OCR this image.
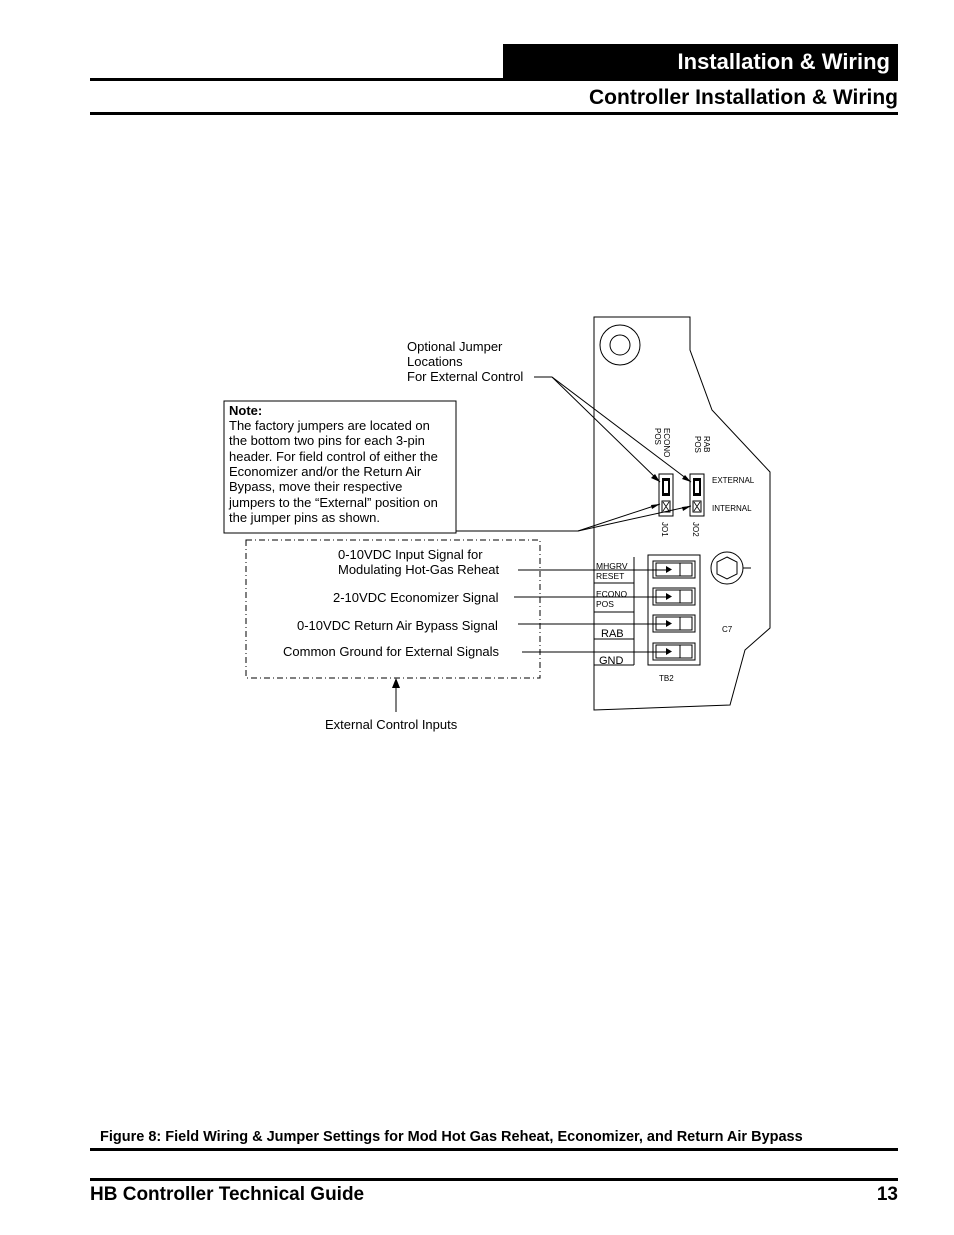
Installation & Wiring
Controller Installation & Wiring
C7
ECONO
POS	RAB
POS
EXTERNAL
INTERNAL
JO1	JO2
MHGRV
RESET
ECONO
POS
RAB
GND
TB2
Optional Jumper
Locations
For External Control
Note:
The factory jumpers are located on
the bottom two pins for each 3-pin
header. For field control of either the
Economizer and/or the Return Air
Bypass, move their respective
jumpers to the “External” position on
the jumper pins as shown.
0-10VDC Input Signal for
Modulating Hot-Gas Reheat
2-10VDC Economizer Signal
0-10VDC Return Air Bypass Signal
Common Ground for External Signals
External Control Inputs
Figure 8: Field Wiring & Jumper Settings for Mod Hot Gas Reheat, Economizer, and Return Air Bypass
HB Controller Technical Guide	13
